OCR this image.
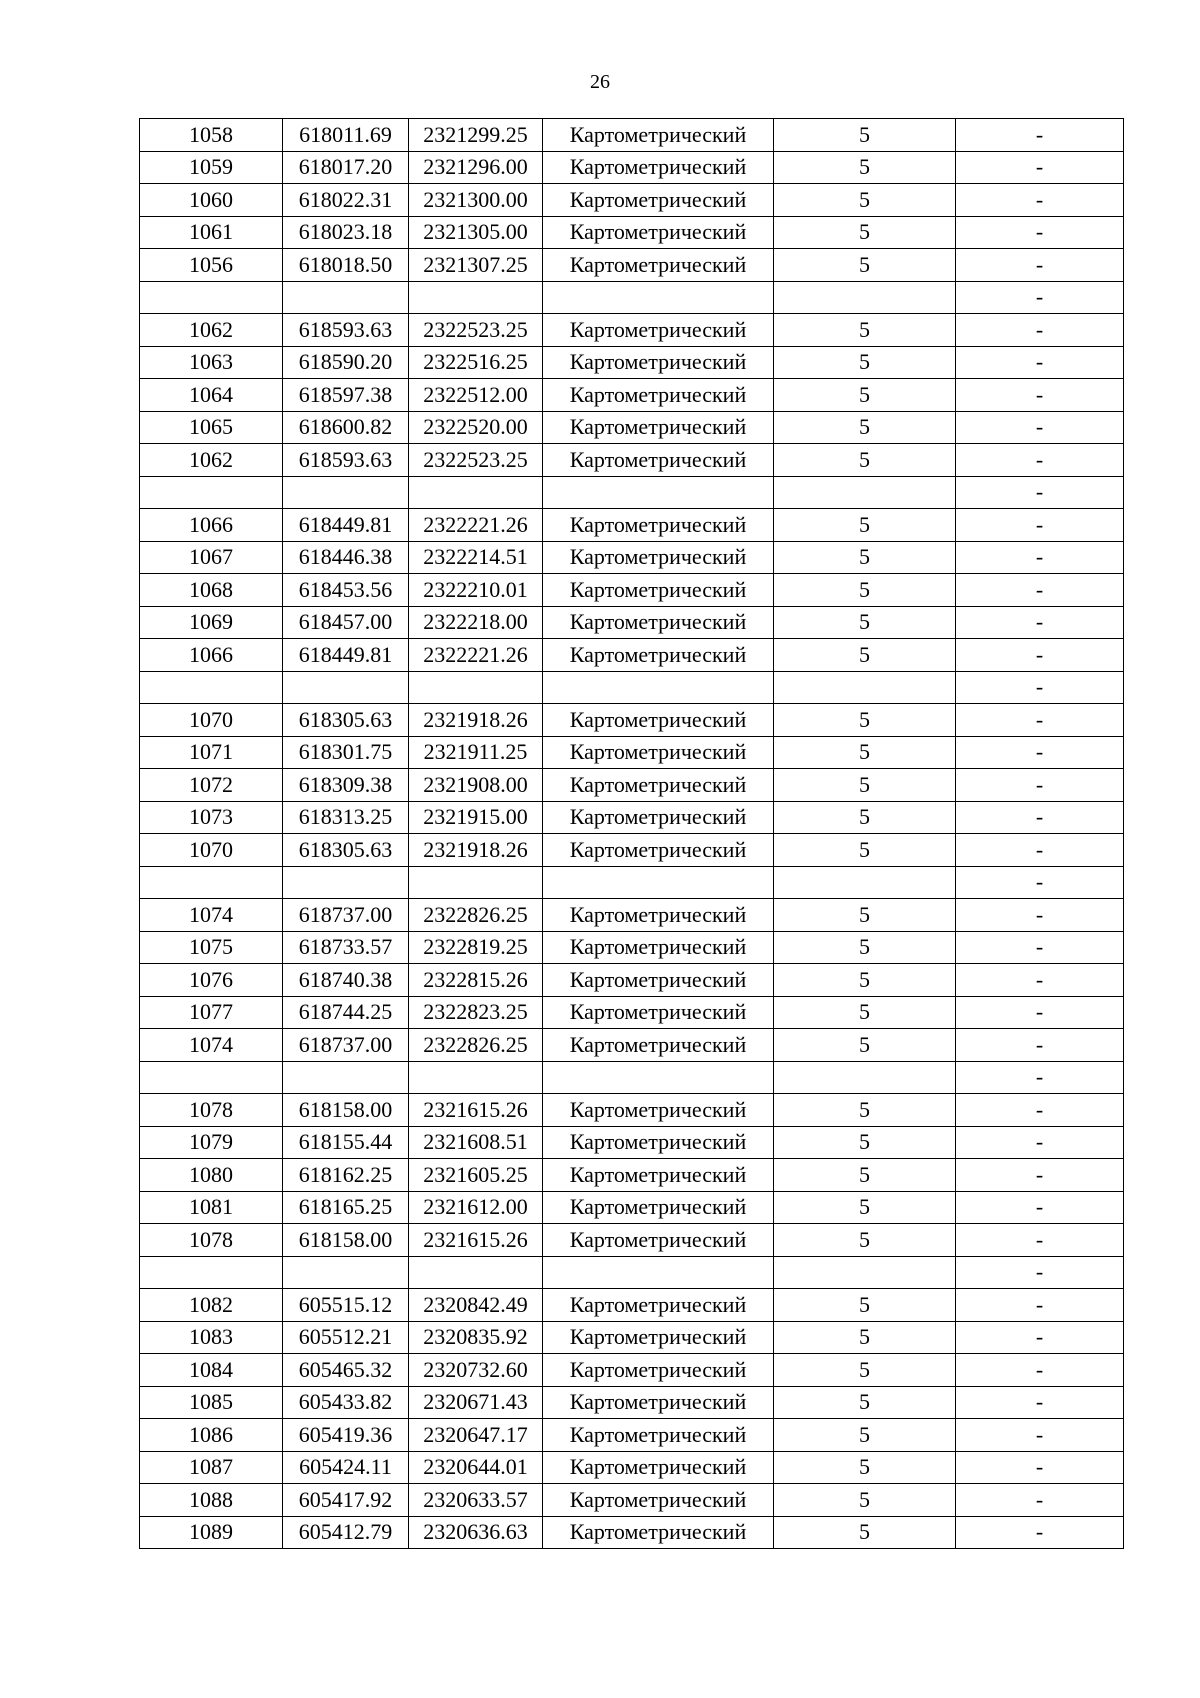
26
1058	618011.69	2321299.25	Картометрический	5	-
1059	618017.20	2321296.00	Картометрический	5	-
1060	618022.31	2321300.00	Картометрический	5	-
1061	618023.18	2321305.00	Картометрический	5	-
1056	618018.50	2321307.25	Картометрический	5	-
					-
1062	618593.63	2322523.25	Картометрический	5	-
1063	618590.20	2322516.25	Картометрический	5	-
1064	618597.38	2322512.00	Картометрический	5	-
1065	618600.82	2322520.00	Картометрический	5	-
1062	618593.63	2322523.25	Картометрический	5	-
					-
1066	618449.81	2322221.26	Картометрический	5	-
1067	618446.38	2322214.51	Картометрический	5	-
1068	618453.56	2322210.01	Картометрический	5	-
1069	618457.00	2322218.00	Картометрический	5	-
1066	618449.81	2322221.26	Картометрический	5	-
					-
1070	618305.63	2321918.26	Картометрический	5	-
1071	618301.75	2321911.25	Картометрический	5	-
1072	618309.38	2321908.00	Картометрический	5	-
1073	618313.25	2321915.00	Картометрический	5	-
1070	618305.63	2321918.26	Картометрический	5	-
					-
1074	618737.00	2322826.25	Картометрический	5	-
1075	618733.57	2322819.25	Картометрический	5	-
1076	618740.38	2322815.26	Картометрический	5	-
1077	618744.25	2322823.25	Картометрический	5	-
1074	618737.00	2322826.25	Картометрический	5	-
					-
1078	618158.00	2321615.26	Картометрический	5	-
1079	618155.44	2321608.51	Картометрический	5	-
1080	618162.25	2321605.25	Картометрический	5	-
1081	618165.25	2321612.00	Картометрический	5	-
1078	618158.00	2321615.26	Картометрический	5	-
					-
1082	605515.12	2320842.49	Картометрический	5	-
1083	605512.21	2320835.92	Картометрический	5	-
1084	605465.32	2320732.60	Картометрический	5	-
1085	605433.82	2320671.43	Картометрический	5	-
1086	605419.36	2320647.17	Картометрический	5	-
1087	605424.11	2320644.01	Картометрический	5	-
1088	605417.92	2320633.57	Картометрический	5	-
1089	605412.79	2320636.63	Картометрический	5	-
